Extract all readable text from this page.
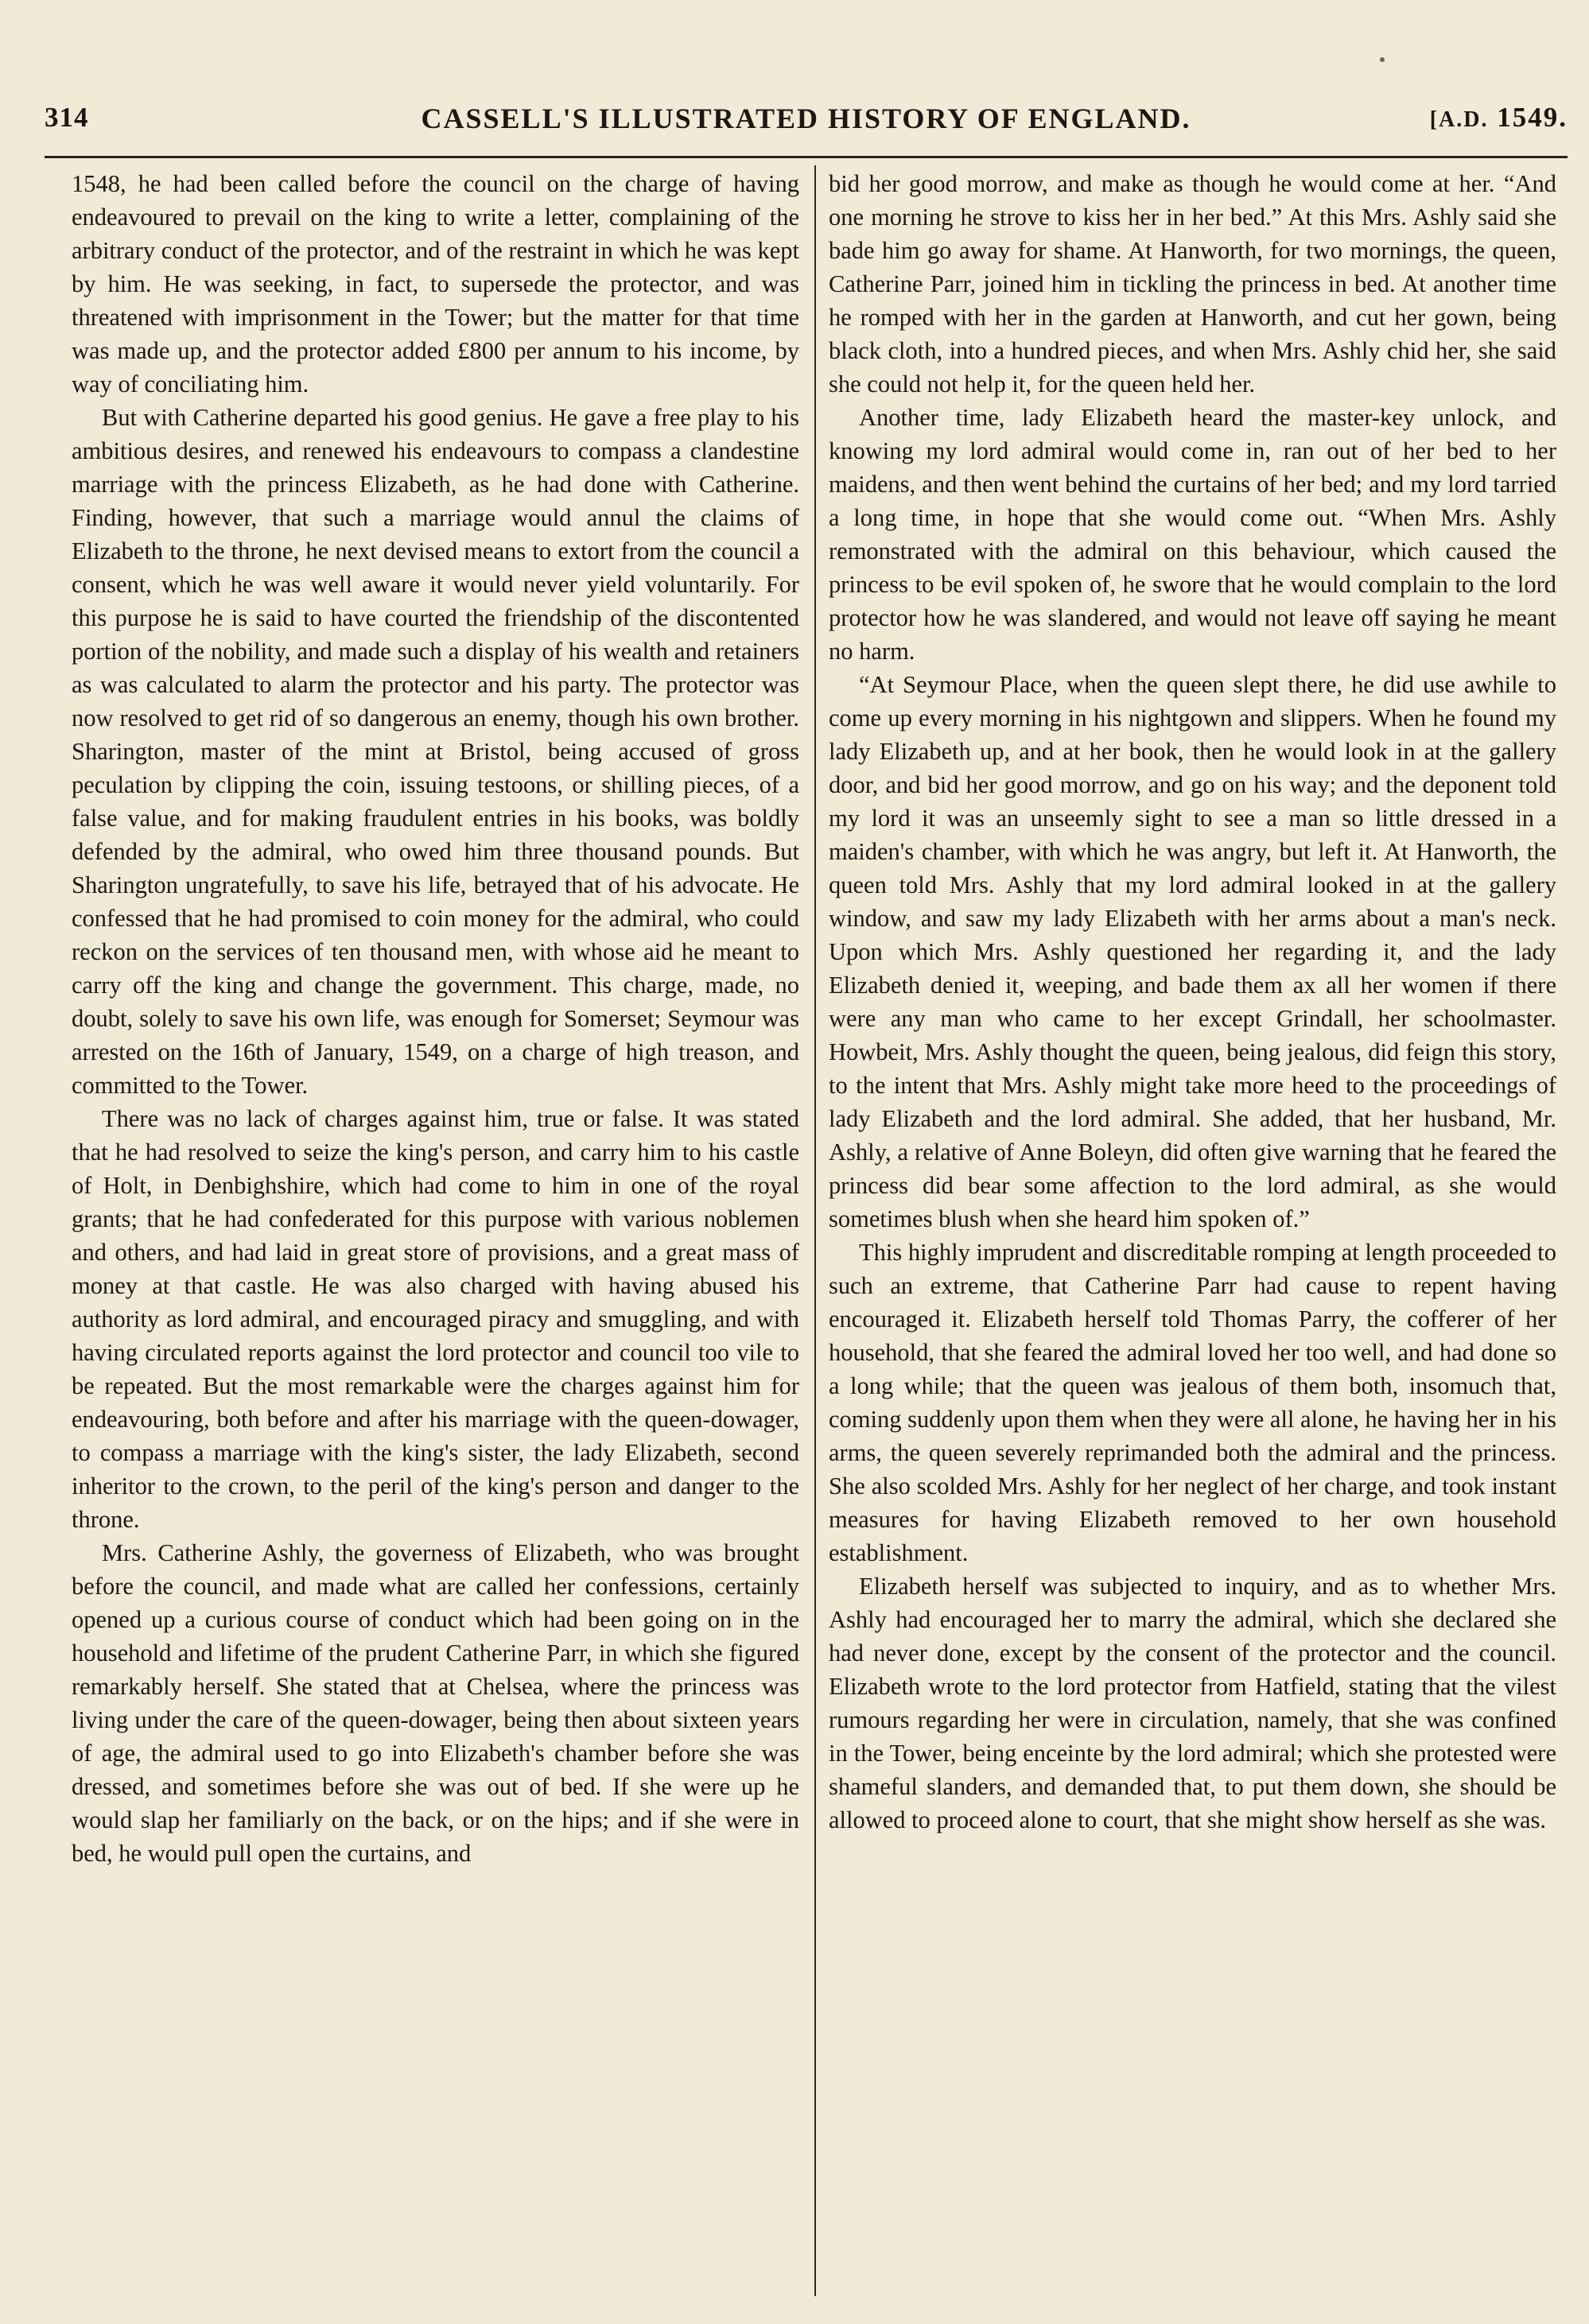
314	CASSELL'S ILLUSTRATED HISTORY OF ENGLAND.	[A.D. 1549.

1548, he had been called before the council on the charge of having endeavoured to prevail on the king to write a letter, complaining of the arbitrary conduct of the protector, and of the restraint in which he was kept by him. He was seeking, in fact, to supersede the protector, and was threatened with imprisonment in the Tower; but the matter for that time was made up, and the protector added £800 per annum to his income, by way of conciliating him.

But with Catherine departed his good genius. He gave a free play to his ambitious desires, and renewed his endeavours to compass a clandestine marriage with the princess Elizabeth, as he had done with Catherine. Finding, however, that such a marriage would annul the claims of Elizabeth to the throne, he next devised means to extort from the council a consent, which he was well aware it would never yield voluntarily. For this purpose he is said to have courted the friendship of the discontented portion of the nobility, and made such a display of his wealth and retainers as was calculated to alarm the protector and his party. The protector was now resolved to get rid of so dangerous an enemy, though his own brother. Sharington, master of the mint at Bristol, being accused of gross peculation by clipping the coin, issuing testoons, or shilling pieces, of a false value, and for making fraudulent entries in his books, was boldly defended by the admiral, who owed him three thousand pounds. But Sharington ungratefully, to save his life, betrayed that of his advocate. He confessed that he had promised to coin money for the admiral, who could reckon on the services of ten thousand men, with whose aid he meant to carry off the king and change the government. This charge, made, no doubt, solely to save his own life, was enough for Somerset; Seymour was arrested on the 16th of January, 1549, on a charge of high treason, and committed to the Tower.

There was no lack of charges against him, true or false. It was stated that he had resolved to seize the king's person, and carry him to his castle of Holt, in Denbighshire, which had come to him in one of the royal grants; that he had confederated for this purpose with various noblemen and others, and had laid in great store of provisions, and a great mass of money at that castle. He was also charged with having abused his authority as lord admiral, and encouraged piracy and smuggling, and with having circulated reports against the lord protector and council too vile to be repeated. But the most remarkable were the charges against him for endeavouring, both before and after his marriage with the queen-dowager, to compass a marriage with the king's sister, the lady Elizabeth, second inheritor to the crown, to the peril of the king's person and danger to the throne.

Mrs. Catherine Ashly, the governess of Elizabeth, who was brought before the council, and made what are called her confessions, certainly opened up a curious course of conduct which had been going on in the household and lifetime of the prudent Catherine Parr, in which she figured remarkably herself. She stated that at Chelsea, where the princess was living under the care of the queen-dowager, being then about sixteen years of age, the admiral used to go into Elizabeth's chamber before she was dressed, and sometimes before she was out of bed. If she were up he would slap her familiarly on the back, or on the hips; and if she were in bed, he would pull open the curtains, and

bid her good morrow, and make as though he would come at her. “And one morning he strove to kiss her in her bed.” At this Mrs. Ashly said she bade him go away for shame. At Hanworth, for two mornings, the queen, Catherine Parr, joined him in tickling the princess in bed. At another time he romped with her in the garden at Hanworth, and cut her gown, being black cloth, into a hundred pieces, and when Mrs. Ashly chid her, she said she could not help it, for the queen held her.

Another time, lady Elizabeth heard the master-key unlock, and knowing my lord admiral would come in, ran out of her bed to her maidens, and then went behind the curtains of her bed; and my lord tarried a long time, in hope that she would come out. “When Mrs. Ashly remonstrated with the admiral on this behaviour, which caused the princess to be evil spoken of, he swore that he would complain to the lord protector how he was slandered, and would not leave off saying he meant no harm.

“At Seymour Place, when the queen slept there, he did use awhile to come up every morning in his nightgown and slippers. When he found my lady Elizabeth up, and at her book, then he would look in at the gallery door, and bid her good morrow, and go on his way; and the deponent told my lord it was an unseemly sight to see a man so little dressed in a maiden's chamber, with which he was angry, but left it. At Hanworth, the queen told Mrs. Ashly that my lord admiral looked in at the gallery window, and saw my lady Elizabeth with her arms about a man's neck. Upon which Mrs. Ashly questioned her regarding it, and the lady Elizabeth denied it, weeping, and bade them ax all her women if there were any man who came to her except Grindall, her schoolmaster. Howbeit, Mrs. Ashly thought the queen, being jealous, did feign this story, to the intent that Mrs. Ashly might take more heed to the proceedings of lady Elizabeth and the lord admiral. She added, that her husband, Mr. Ashly, a relative of Anne Boleyn, did often give warning that he feared the princess did bear some affection to the lord admiral, as she would sometimes blush when she heard him spoken of.”

This highly imprudent and discreditable romping at length proceeded to such an extreme, that Catherine Parr had cause to repent having encouraged it. Elizabeth herself told Thomas Parry, the cofferer of her household, that she feared the admiral loved her too well, and had done so a long while; that the queen was jealous of them both, insomuch that, coming suddenly upon them when they were all alone, he having her in his arms, the queen severely reprimanded both the admiral and the princess. She also scolded Mrs. Ashly for her neglect of her charge, and took instant measures for having Elizabeth removed to her own household establishment.

Elizabeth herself was subjected to inquiry, and as to whether Mrs. Ashly had encouraged her to marry the admiral, which she declared she had never done, except by the consent of the protector and the council. Elizabeth wrote to the lord protector from Hatfield, stating that the vilest rumours regarding her were in circulation, namely, that she was confined in the Tower, being enceinte by the lord admiral; which she protested were shameful slanders, and demanded that, to put them down, she should be allowed to proceed alone to court, that she might show herself as she was.
